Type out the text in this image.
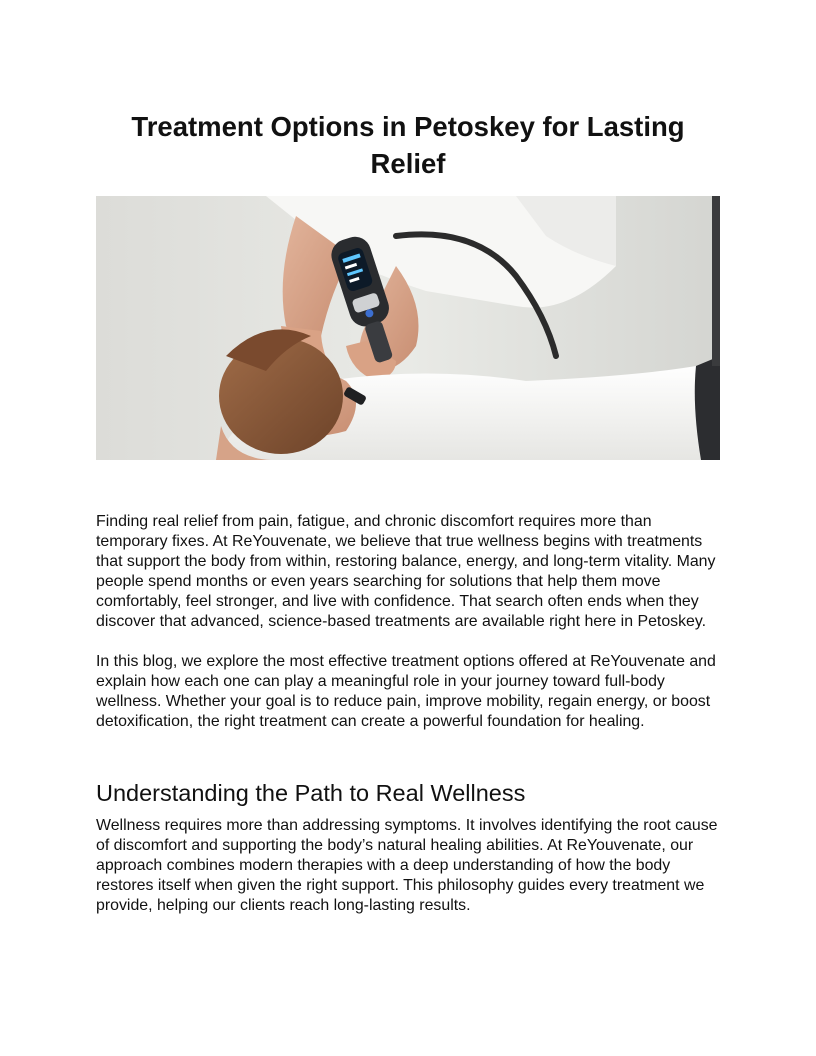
Treatment Options in Petoskey for Lasting Relief

Finding real relief from pain, fatigue, and chronic discomfort requires more than temporary fixes. At ReYouvenate, we believe that true wellness begins with treatments that support the body from within, restoring balance, energy, and long-term vitality. Many people spend months or even years searching for solutions that help them move comfortably, feel stronger, and live with confidence. That search often ends when they discover that advanced, science-based treatments are available right here in Petoskey.

In this blog, we explore the most effective treatment options offered at ReYouvenate and explain how each one can play a meaningful role in your journey toward full-body wellness. Whether your goal is to reduce pain, improve mobility, regain energy, or boost detoxification, the right treatment can create a powerful foundation for healing.

Understanding the Path to Real Wellness

Wellness requires more than addressing symptoms. It involves identifying the root cause of discomfort and supporting the body’s natural healing abilities. At ReYouvenate, our approach combines modern therapies with a deep understanding of how the body restores itself when given the right support. This philosophy guides every treatment we provide, helping our clients reach long-lasting results.
